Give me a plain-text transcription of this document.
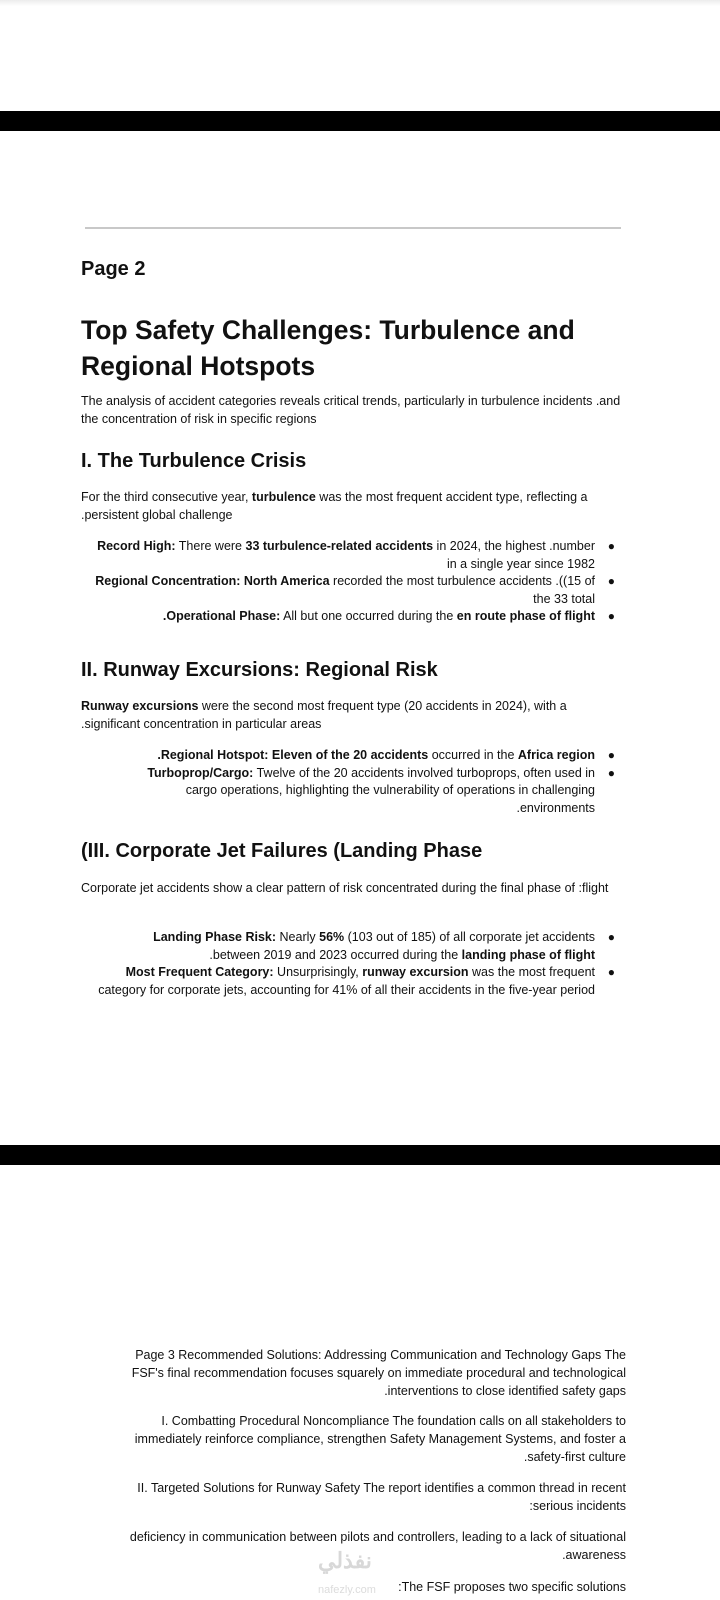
Page 2
Top Safety Challenges: Turbulence and Regional Hotspots
The analysis of accident categories reveals critical trends, particularly in turbulence incidents .and the concentration of risk in specific regions
I. The Turbulence Crisis
For the third consecutive year, turbulence was the most frequent accident type, reflecting a .persistent global challenge
●
Record High: There were 33 turbulence-related accidents in 2024, the highest .number in a single year since 1982
●
Regional Concentration: North America recorded the most turbulence accidents .((15 of the 33 total
●
.Operational Phase: All but one occurred during the en route phase of flight
II. Runway Excursions: Regional Risk
Runway excursions were the second most frequent type (20 accidents in 2024), with a .significant concentration in particular areas
●
.Regional Hotspot: Eleven of the 20 accidents occurred in the Africa region
●
Turboprop/Cargo: Twelve of the 20 accidents involved turboprops, often used in cargo operations, highlighting the vulnerability of operations in challenging .environments
(III. Corporate Jet Failures (Landing Phase
Corporate jet accidents show a clear pattern of risk concentrated during the final phase of :flight
●
Landing Phase Risk: Nearly 56% (103 out of 185) of all corporate jet accidents .between 2019 and 2023 occurred during the landing phase of flight
●
Most Frequent Category: Unsurprisingly, runway excursion was the most frequent category for corporate jets, accounting for 41% of all their accidents in the five-year period
Page 3 Recommended Solutions: Addressing Communication and Technology Gaps The FSF's final recommendation focuses squarely on immediate procedural and technological .interventions to close identified safety gaps
I. Combatting Procedural Noncompliance The foundation calls on all stakeholders to immediately reinforce compliance, strengthen Safety Management Systems, and foster a .safety-first culture
II. Targeted Solutions for Runway Safety The report identifies a common thread in recent :serious incidents
deficiency in communication between pilots and controllers, leading to a lack of situational .awareness
نفذلي
nafezly.com	:The FSF proposes two specific solutions
